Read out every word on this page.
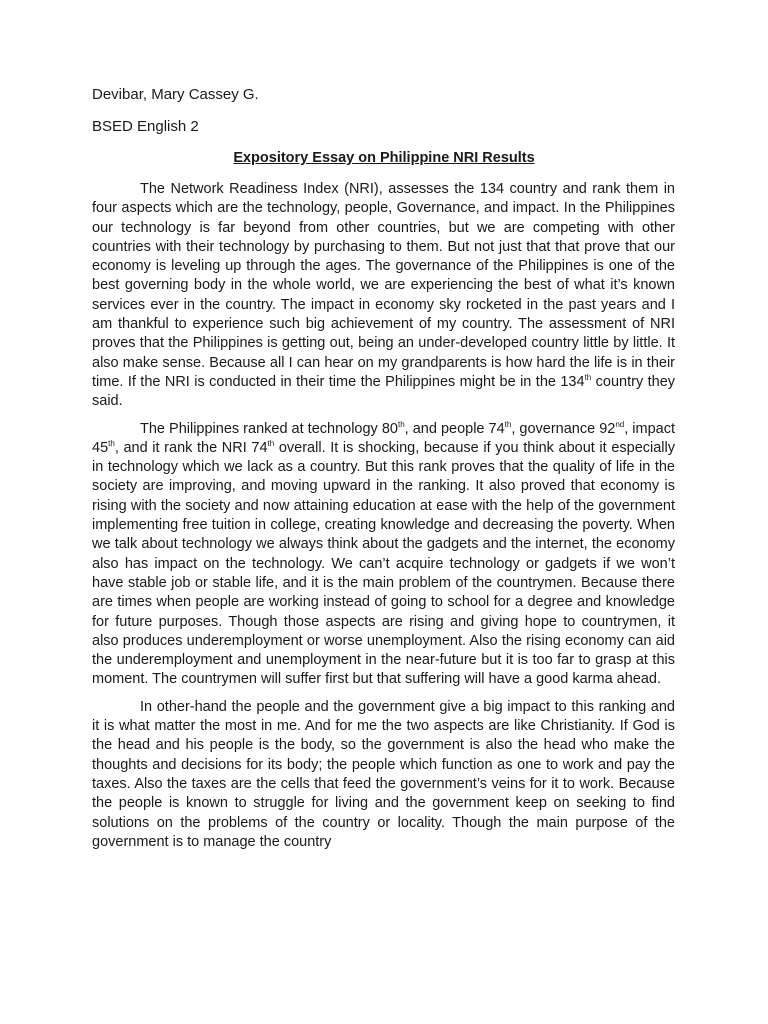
Devibar, Mary Cassey G.

BSED English 2

Expository Essay on Philippine NRI Results

The Network Readiness Index (NRI), assesses the 134 country and rank them in four aspects which are the technology, people, Governance, and impact. In the Philippines our technology is far beyond from other countries, but we are competing with other countries with their technology by purchasing to them. But not just that that prove that our economy is leveling up through the ages. The governance of the Philippines is one of the best governing body in the whole world, we are experiencing the best of what it’s known services ever in the country. The impact in economy sky rocketed in the past years and I am thankful to experience such big achievement of my country. The assessment of NRI proves that the Philippines is getting out, being an under-developed country little by little. It also make sense. Because all I can hear on my grandparents is how hard the life is in their time. If the NRI is conducted in their time the Philippines might be in the 134th country they said.

The Philippines ranked at technology 80th, and people 74th, governance 92nd, impact 45th, and it rank the NRI 74th overall. It is shocking, because if you think about it especially in technology which we lack as a country. But this rank proves that the quality of life in the society are improving, and moving upward in the ranking. It also proved that economy is rising with the society and now attaining education at ease with the help of the government implementing free tuition in college, creating knowledge and decreasing the poverty. When we talk about technology we always think about the gadgets and the internet, the economy also has impact on the technology. We can’t acquire technology or gadgets if we won’t have stable job or stable life, and it is the main problem of the countrymen. Because there are times when people are working instead of going to school for a degree and knowledge for future purposes. Though those aspects are rising and giving hope to countrymen, it also produces underemployment or worse unemployment. Also the rising economy can aid the underemployment and unemployment in the near-future but it is too far to grasp at this moment. The countrymen will suffer first but that suffering will have a good karma ahead.

In other-hand the people and the government give a big impact to this ranking and it is what matter the most in me. And for me the two aspects are like Christianity. If God is the head and his people is the body, so the government is also the head who make the thoughts and decisions for its body; the people which function as one to work and pay the taxes. Also the taxes are the cells that feed the government’s veins for it to work. Because the people is known to struggle for living and the government keep on seeking to find solutions on the problems of the country or locality. Though the main purpose of the government is to manage the country
